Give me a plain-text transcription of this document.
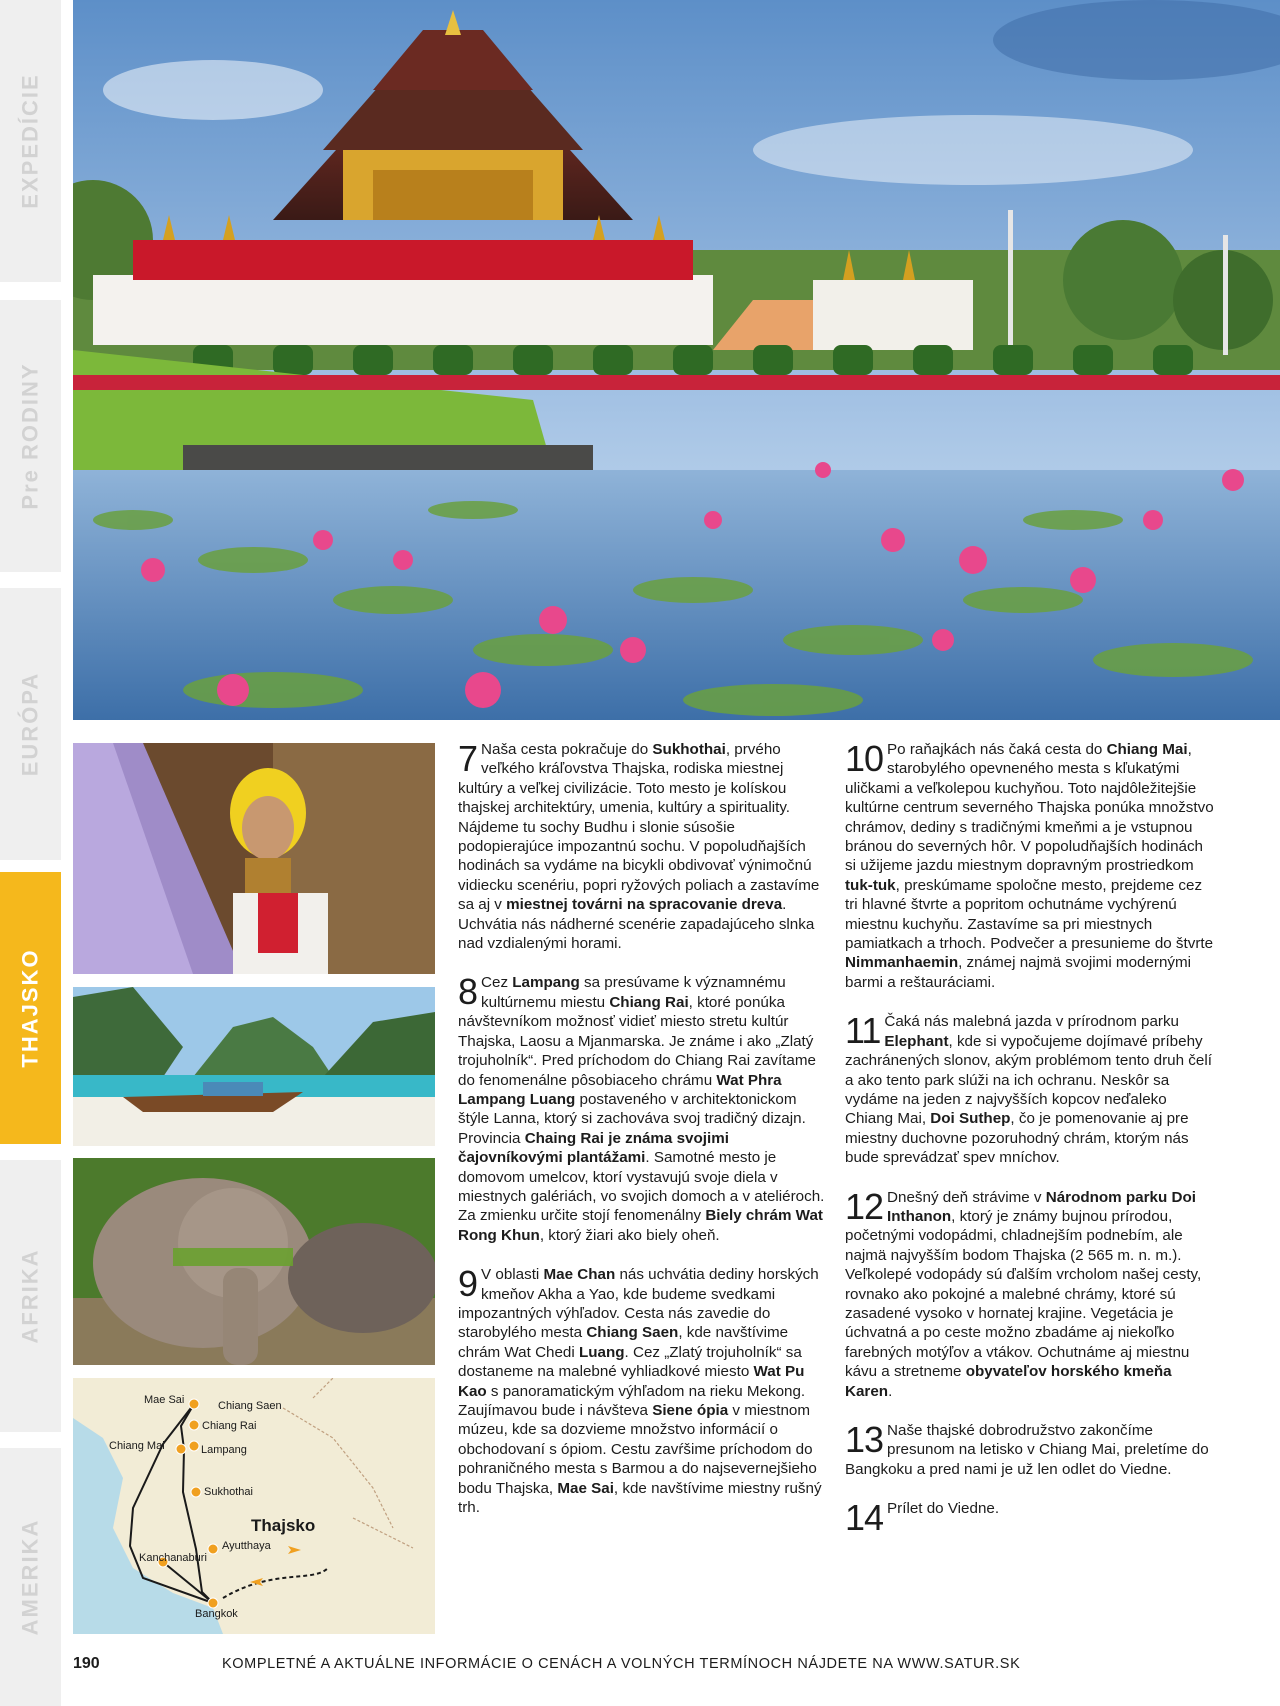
EXPEDÍCIE
Pre RODINY
EURÓPA
THAJSKO
AFRIKA
AMERIKA
Mae Sai	Chiang Saen
Chiang Rai
Chiang Mai	Lampang
Sukhothai
Ayutthaya
Kanchanaburi
Bangkok
Thajsko

7 Naša cesta pokračuje do Sukhothai, prvého veľkého kráľovstva Thajska, rodiska miestnej kultúry a veľkej civilizácie. Toto mesto je kolískou thajskej architektúry, umenia, kultúry a spirituality. Nájdeme tu sochy Budhu i slonie súsošie podopierajúce impozantnú sochu. V popoludňajších hodinách sa vydáme na bicykli obdivovať výnimočnú vidiecku scenériu, popri ryžových poliach a zastavíme sa aj v miestnej továrni na spracovanie dreva. Uchvátia nás nádherné scenérie zapadajúceho slnka nad vzdialenými horami.

8 Cez Lampang sa presúvame k významnému kultúrnemu miestu Chiang Rai, ktoré ponúka návštevníkom možnosť vidieť miesto stretu kultúr Thajska, Laosu a Mjanmarska. Je známe i ako „Zlatý trojuholník“. Pred príchodom do Chiang Rai zavítame do fenomenálne pôsobiaceho chrámu Wat Phra Lampang Luang postaveného v architektonickom štýle Lanna, ktorý si zachováva svoj tradičný dizajn. Provincia Chaing Rai je známa svojimi čajovníkovými plantážami. Samotné mesto je domovom umelcov, ktorí vystavujú svoje diela v miestnych galériách, vo svojich domoch a v ateliéroch. Za zmienku určite stojí fenomenálny Biely chrám Wat Rong Khun, ktorý žiari ako biely oheň.

9 V oblasti Mae Chan nás uchvátia dediny horských kmeňov Akha a Yao, kde budeme svedkami impozantných výhľadov. Cesta nás zavedie do starobylého mesta Chiang Saen, kde navštívime chrám Wat Chedi Luang. Cez „Zlatý trojuholník“ sa dostaneme na malebné vyhliadkové miesto Wat Pu Kao s panoramatickým výhľadom na rieku Mekong. Zaujímavou bude i návšteva Siene ópia v miestnom múzeu, kde sa dozvieme množstvo informácií o obchodovaní s ópiom. Cestu zavŕšime príchodom do pohraničného mesta s Barmou a do najsevernejšieho bodu Thajska, Mae Sai, kde navštívime miestny rušný trh.

10 Po raňajkách nás čaká cesta do Chiang Mai, starobylého opevneného mesta s kľukatými uličkami a veľkolepou kuchyňou. Toto najdôležitejšie kultúrne centrum severného Thajska ponúka množstvo chrámov, dediny s tradičnými kmeňmi a je vstupnou bránou do severných hôr. V popoludňajších hodinách si užijeme jazdu miestnym dopravným prostriedkom tuk-tuk, preskúmame spoločne mesto, prejdeme cez tri hlavné štvrte a popritom ochutnáme vychýrenú miestnu kuchyňu. Zastavíme sa pri miestnych pamiatkach a trhoch. Podvečer a presunieme do štvrte Nimmanhaemin, známej najmä svojimi modernými barmi a reštauráciami.

11 Čaká nás malebná jazda v prírodnom parku Elephant, kde si vypočujeme dojímavé príbehy zachránených slonov, akým problémom tento druh čelí a ako tento park slúži na ich ochranu. Neskôr sa vydáme na jeden z najvyšších kopcov neďaleko Chiang Mai, Doi Suthep, čo je pomenovanie aj pre miestny duchovne pozoruhodný chrám, ktorým nás bude sprevádzať spev mníchov.

12 Dnešný deň strávime v Národnom parku Doi Inthanon, ktorý je známy bujnou prírodou, početnými vodopádmi, chladnejším podnebím, ale najmä najvyšším bodom Thajska (2 565 m. n. m.). Veľkolepé vodopády sú ďalším vrcholom našej cesty, rovnako ako pokojné a malebné chrámy, ktoré sú zasadené vysoko v hornatej krajine. Vegetácia je úchvatná a po ceste možno zbadáme aj niekoľko farebných motýľov a vtákov. Ochutnáme aj miestnu kávu a stretneme obyvateľov horského kmeňa Karen.

13 Naše thajské dobrodružstvo zakončíme presunom na letisko v Chiang Mai, preletíme do Bangkoku a pred nami je už len odlet do Viedne.

14 Prílet do Viedne.

190	KOMPLETNÉ A AKTUÁLNE INFORMÁCIE O CENÁCH A VOLNÝCH TERMÍNOCH NÁJDETE NA WWW.SATUR.SK
